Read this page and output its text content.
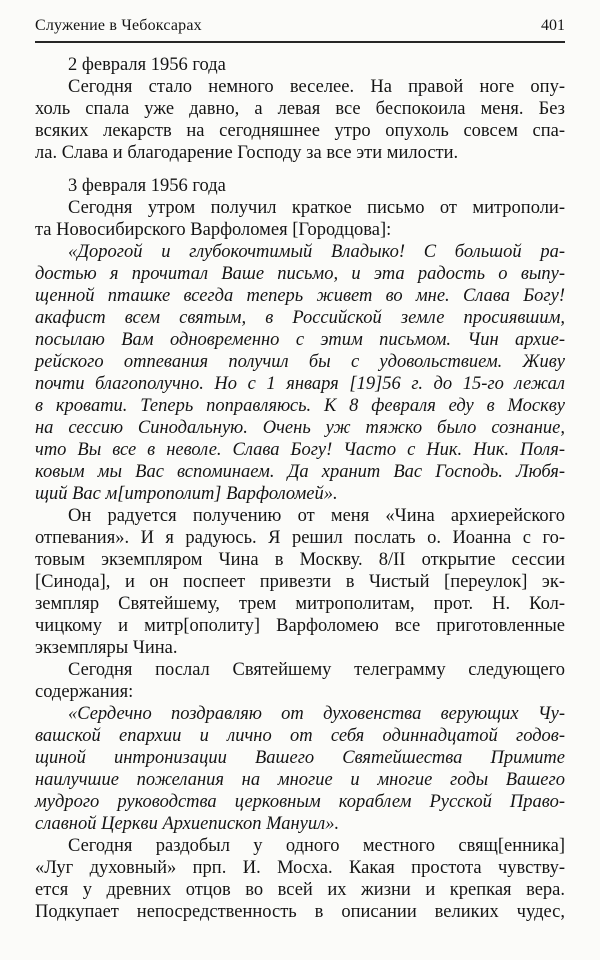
Служение в Чебоксарах	401

2 февраля 1956 года

Сегодня стало немного веселее. На правой ноге опу-
холь спала уже давно, а левая все беспокоила меня. Без
всяких лекарств на сегодняшнее утро опухоль совсем спа-
ла. Слава и благодарение Господу за все эти милости.

3 февраля 1956 года

Сегодня утром получил краткое письмо от митрополи-
та Новосибирского Варфоломея [Городцова]:

«Дорогой и глубокочтимый Владыко! С большой ра-
достью я прочитал Ваше письмо, и эта радость о выпу-
щенной пташке всегда теперь живет во мне. Слава Богу!
акафист всем святым, в Российской земле просиявшим,
посылаю Вам одновременно с этим письмом. Чин архие-
рейского отпевания получил бы с удовольствием. Живу
почти благополучно. Но с 1 января [19]56 г. до 15-го лежал
в кровати. Теперь поправляюсь. К 8 февраля еду в Москву
на сессию Синодальную. Очень уж тяжко было сознание,
что Вы все в неволе. Слава Богу! Часто с Ник. Ник. Поля-
ковым мы Вас вспоминаем. Да хранит Вас Господь. Любя-
щий Вас м[итрополит] Варфоломей».

Он радуется получению от меня «Чина архиерейского
отпевания». И я радуюсь. Я решил послать о. Иоанна с го-
товым экземпляром Чина в Москву. 8/II открытие сессии
[Синода], и он поспеет привезти в Чистый [переулок] эк-
земпляр Святейшему, трем митрополитам, прот. Н. Кол-
чицкому и митр[ополиту] Варфоломею все приготовленные
экземпляры Чина.

Сегодня послал Святейшему телеграмму следующего
содержания:

«Сердечно поздравляю от духовенства верующих Чу-
вашской епархии и лично от себя одиннадцатой годов-
щиной интронизации Вашего Святейшества Примите
наилучшие пожелания на многие и многие годы Вашего
мудрого руководства церковным кораблем Русской Право-
славной Церкви Архиепископ Мануил».

Сегодня раздобыл у одного местного свящ[енника]
«Луг духовный» прп. И. Мосха. Какая простота чувству-
ется у древних отцов во всей их жизни и крепкая вера.
Подкупает непосредственность в описании великих чудес,
